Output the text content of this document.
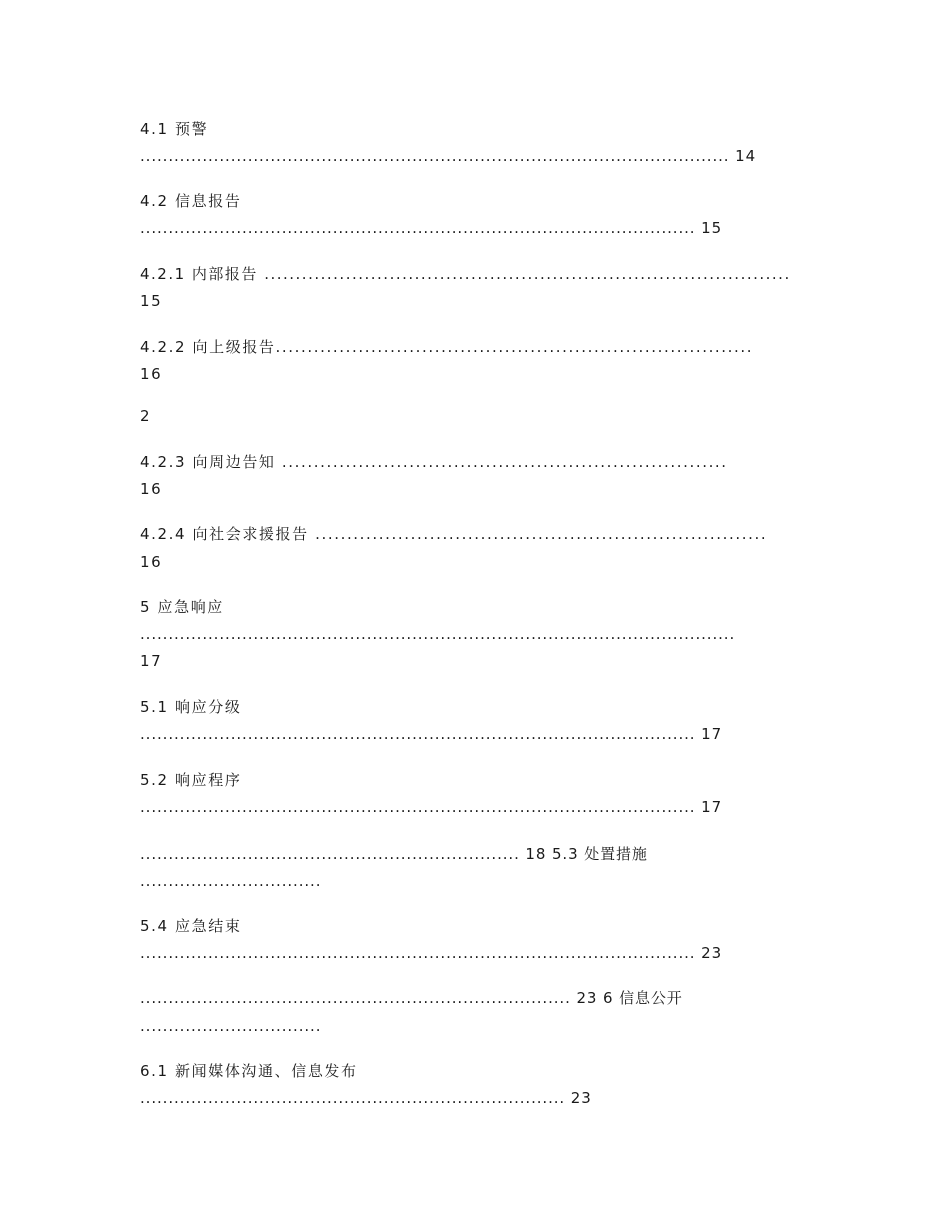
4.1 预警
........................................................................................................ 14
4.2 信息报告
.................................................................................................. 15
4.2.1 内部报告 ....................................................................................
15
4.2.2 向上级报告...........................................................................
16
2
4.2.3 向周边告知 ......................................................................
16
4.2.4 向社会求援报告 .......................................................................
16
5 应急响应
.........................................................................................................
17
5.1 响应分级
.................................................................................................. 17
5.2 响应程序
.................................................................................................. 17
................................................................... 18 5.3 处置措施
................................
5.4 应急结束
.................................................................................................. 23
............................................................................ 23 6 信息公开
................................
6.1 新闻媒体沟通、信息发布
........................................................................... 23
